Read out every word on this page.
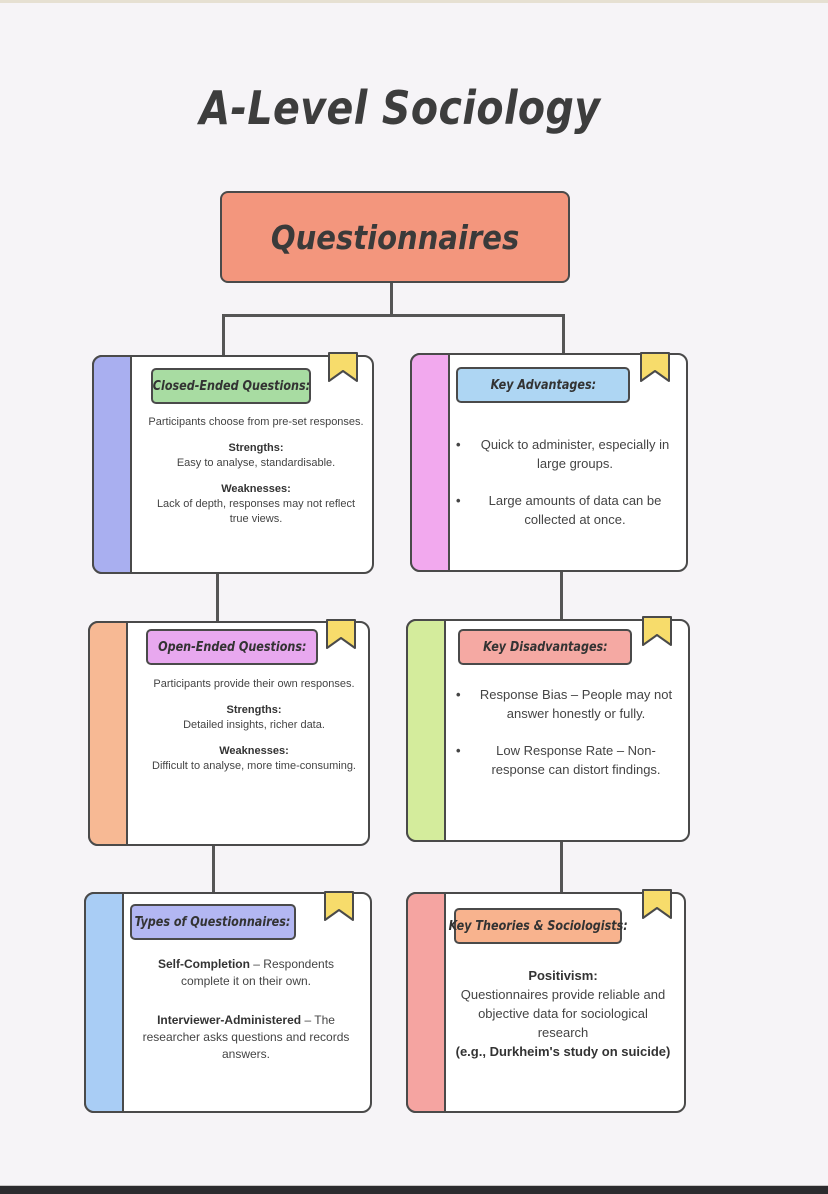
A-Level Sociology
Questionnaires
Closed-Ended Questions:

Participants choose from pre-set responses.

Strengths:
Easy to analyse, standardisable.

Weaknesses:
Lack of depth, responses may not reflect true views.

Key Advantages:
•	Quick to administer, especially in large groups.
•	Large amounts of data can be collected at once.
Open-Ended Questions:

Participants provide their own responses.

Strengths:
Detailed insights, richer data.

Weaknesses:
Difficult to analyse, more time-consuming.

Key Disadvantages:
•	Response Bias – People may not answer honestly or fully.
•	Low Response Rate – Non-response can distort findings.
Types of Questionnaires:

Self-Completion – Respondents complete it on their own.

Interviewer-Administered – The researcher asks questions and records answers.

Key Theories & Sociologists:
Positivism:
Questionnaires provide reliable and objective data for sociological research
(e.g., Durkheim's study on suicide)
